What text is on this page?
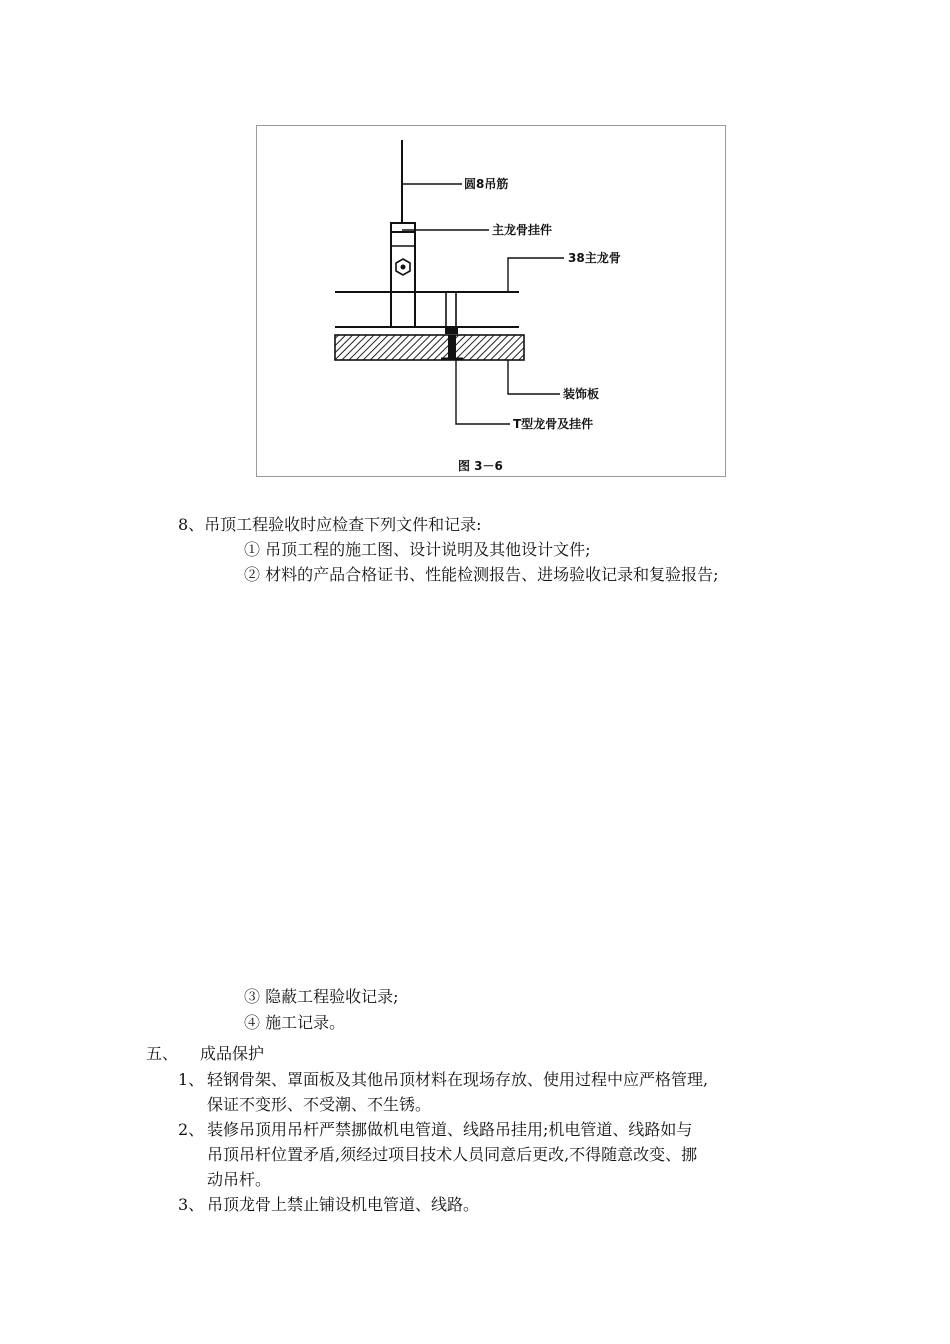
圆8吊筋
主龙骨挂件
38主龙骨
装饰板
T型龙骨及挂件
图 3－6
8、吊顶工程验收时应检查下列文件和记录:
① 吊顶工程的施工图、设计说明及其他设计文件;
② 材料的产品合格证书、性能检测报告、进场验收记录和复验报告;
③ 隐蔽工程验收记录;
④ 施工记录。
五、 成品保护
1、 轻钢骨架、罩面板及其他吊顶材料在现场存放、使用过程中应严格管理,
保证不变形、不受潮、不生锈。
2、 装修吊顶用吊杆严禁挪做机电管道、线路吊挂用;机电管道、线路如与
吊顶吊杆位置矛盾,须经过项目技术人员同意后更改,不得随意改变、挪
动吊杆。
3、 吊顶龙骨上禁止铺设机电管道、线路。
